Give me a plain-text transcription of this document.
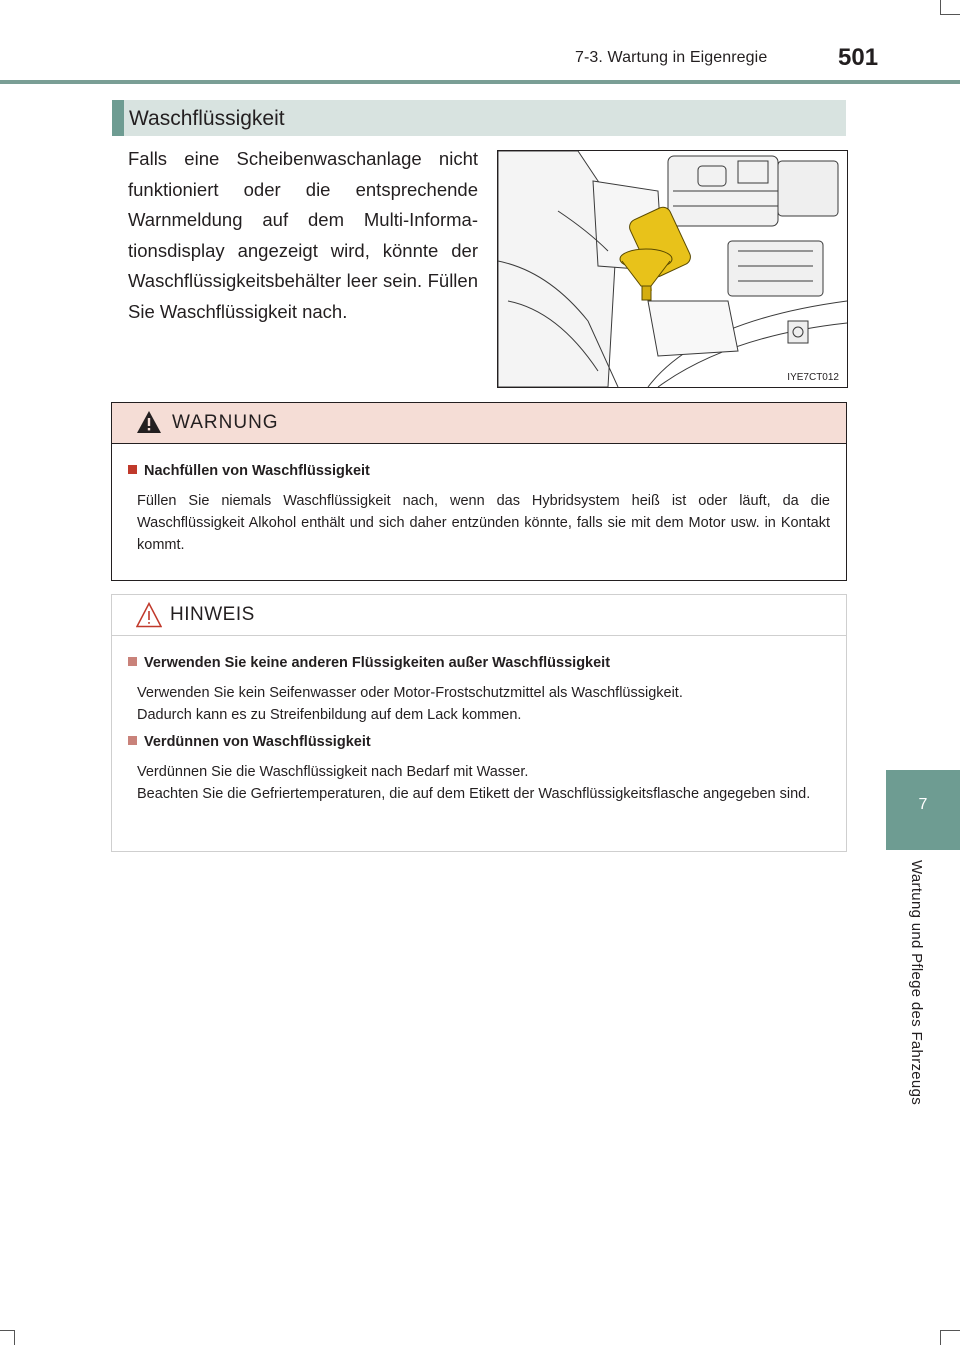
7-3. Wartung in Eigenregie	501
7
Wartung und Pflege des Fahrzeugs
Waschflüssigkeit

Falls eine Scheibenwaschanlage nicht funktioniert oder die entsprechende Warnmeldung auf dem Multi-Informa-tionsdisplay angezeigt wird, könnte der Waschflüssigkeitsbehälter leer sein. Füllen Sie Waschflüssigkeit nach.

IYE7CT012
WARNUNG
Nachfüllen von Waschflüssigkeit

Füllen Sie niemals Waschflüssigkeit nach, wenn das Hybridsystem heiß ist oder läuft, da die Waschflüssigkeit Alkohol enthält und sich daher entzünden könnte, falls sie mit dem Motor usw. in Kontakt kommt.

HINWEIS
Verwenden Sie keine anderen Flüssigkeiten außer Waschflüssigkeit

Verwenden Sie kein Seifenwasser oder Motor-Frostschutzmittel als Waschflüssigkeit.
Dadurch kann es zu Streifenbildung auf dem Lack kommen.

Verdünnen von Waschflüssigkeit

Verdünnen Sie die Waschflüssigkeit nach Bedarf mit Wasser.
Beachten Sie die Gefriertemperaturen, die auf dem Etikett der Waschflüssigkeitsflasche angegeben sind.
